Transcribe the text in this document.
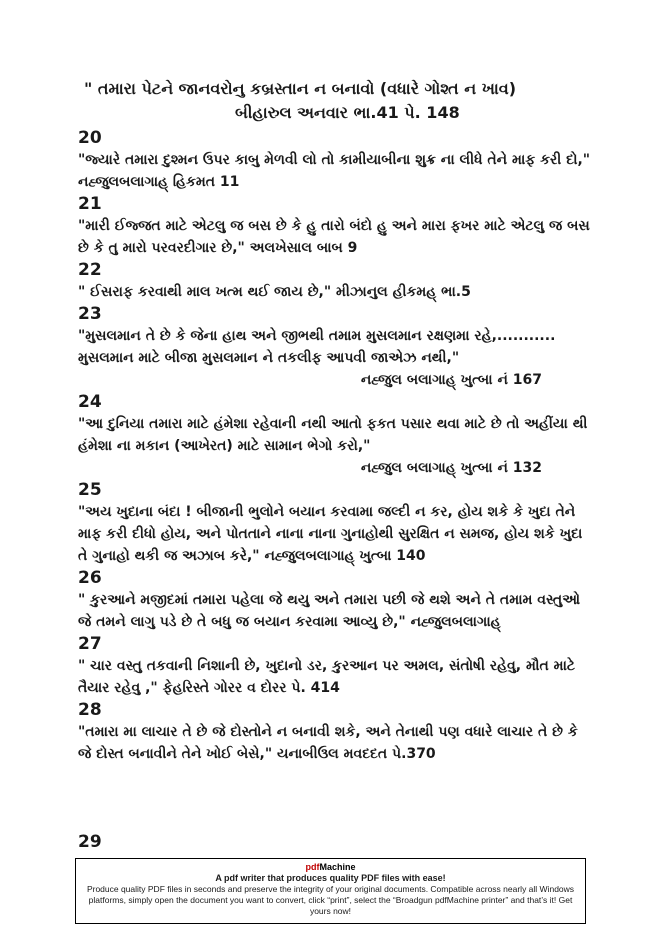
" તમારા પેટને જાનવરોનુ કબ્રસ્તાન ન બનાવો (વધારે ગોશ્ત ન ખાવ)
બીહારુલ અનવાર ભા.41 પે. 148
20
"જ્યારે તમારા દુશ્મન ઉપર કાબુ મેળવી લો તો કામીયાબીના શુક્ર ના લીધે તેને માફ કરી દો," નહ્જુલબલાગાહ્ હિકમત 11
21
"મારી ઈજ્જત માટે એટલુ જ બસ છે કે હુ તારો બંદો હુ અને મારા ફખર માટે એટલુ જ બસ છે કે તુ મારો પરવરદીગાર છે," અલખેસાલ બાબ 9
22
" ઈસરાફ કરવાથી માલ ખત્મ થઈ જાય છે," મીઝાનુલ હીકમહ્ ભા.5
23
"મુસલમાન તે છે કે જેના હાથ અને જીભથી તમામ મુસલમાન રક્ષણમા રહે,........... મુસલમાન માટે બીજા મુસલમાન ને તકલીફ આપવી જાએઝ નથી,"
નહ્જુલ બલાગાહ્ ખુત્બા નં 167
24
"આ દુનિયા તમારા માટે હંમેશા રહેવાની નથી આતો ફકત પસાર થવા માટે છે તો અહીંયા થી હંમેશા ના મકાન (આખેરત) માટે સામાન ભેગો કરો,"
નહ્જુલ બલાગાહ્ ખુત્બા નં 132
25
"અય ખુદાના બંદા ! બીજાની ભુલોને બયાન કરવામા જલ્દી ન કર, હોય શકે કે ખુદા તેને માફ કરી દીધો હોય, અને પોતતાને નાના નાના ગુનાહોથી સુરક્ષિત ન સમજ, હોય શકે ખુદા તે ગુનાહો થકી જ અઝાબ કરે," નહ્જુલબલાગાહ્ ખુત્બા 140
26
" કુરઆને મજીદમાં તમારા પહેલા જે થયુ અને તમારા પછી જે થશે અને તે તમામ વસ્તુઓ જે તમને લાગુ પડે છે તે બધુ જ બયાન કરવામા આવ્યુ છે," નહ્જુલબલાગાહ્
27
" ચાર વસ્તુ તકવાની નિશાની છે, ખુદાનો ડર, કુરઆન પર અમલ, સંતોષી રહેવુ, મૌત માટે તૈયાર રહેવુ ," ફેહરિસ્તે ગોરર વ દોરર પે. 414
28
"તમારા મા લાચાર તે છે જે દોસ્તોને ન બનાવી શકે, અને તેનાથી પણ વધારે લાચાર તે છે કે જે દોસ્ત બનાવીને તેને ખોઈ બેસે," યનાબીઉલ મવદદત પે.370
29
pdfMachine
A pdf writer that produces quality PDF files with ease!
Produce quality PDF files in seconds and preserve the integrity of your original documents. Compatible across nearly all Windows platforms, simply open the document you want to convert, click “print”, select the “Broadgun pdfMachine printer” and that’s it! Get yours now!
